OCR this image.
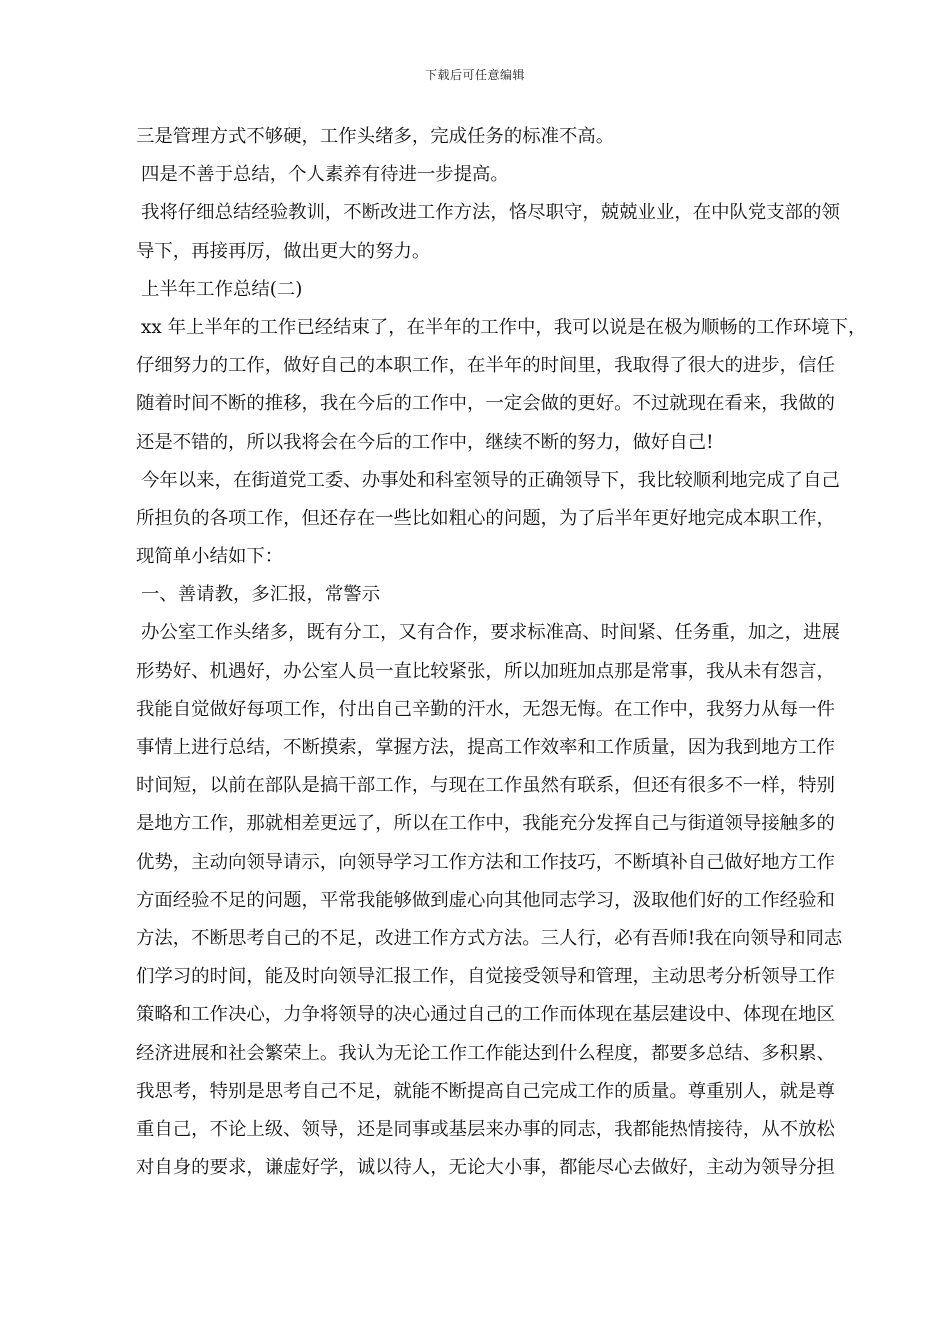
下载后可任意编辑
三是管理方式不够硬，工作头绪多，完成任务的标准不高。
四是不善于总结，个人素养有待进一步提高。
我将仔细总结经验教训，不断改进工作方法，恪尽职守，兢兢业业，在中队党支部的领
导下，再接再厉，做出更大的努力。
上半年工作总结(二)
xx 年上半年的工作已经结束了，在半年的工作中，我可以说是在极为顺畅的工作环境下，
仔细努力的工作，做好自己的本职工作，在半年的时间里，我取得了很大的进步，信任
随着时间不断的推移，我在今后的工作中，一定会做的更好。不过就现在看来，我做的
还是不错的，所以我将会在今后的工作中，继续不断的努力，做好自己!
今年以来，在街道党工委、办事处和科室领导的正确领导下，我比较顺利地完成了自己
所担负的各项工作，但还存在一些比如粗心的问题，为了后半年更好地完成本职工作，
现简单小结如下：
一、善请教，多汇报，常警示
办公室工作头绪多，既有分工，又有合作，要求标准高、时间紧、任务重，加之，进展
形势好、机遇好，办公室人员一直比较紧张，所以加班加点那是常事，我从未有怨言，
我能自觉做好每项工作，付出自己辛勤的汗水，无怨无悔。在工作中，我努力从每一件
事情上进行总结，不断摸索，掌握方法，提高工作效率和工作质量，因为我到地方工作
时间短，以前在部队是搞干部工作，与现在工作虽然有联系，但还有很多不一样，特别
是地方工作，那就相差更远了，所以在工作中，我能充分发挥自己与街道领导接触多的
优势，主动向领导请示，向领导学习工作方法和工作技巧，不断填补自己做好地方工作
方面经验不足的问题，平常我能够做到虚心向其他同志学习，汲取他们好的工作经验和
方法，不断思考自己的不足，改进工作方式方法。三人行，必有吾师!我在向领导和同志
们学习的时间，能及时向领导汇报工作，自觉接受领导和管理，主动思考分析领导工作
策略和工作决心，力争将领导的决心通过自己的工作而体现在基层建设中、体现在地区
经济进展和社会繁荣上。我认为无论工作工作能达到什么程度，都要多总结、多积累、
我思考，特别是思考自己不足，就能不断提高自己完成工作的质量。尊重别人，就是尊
重自己，不论上级、领导，还是同事或基层来办事的同志，我都能热情接待，从不放松
对自身的要求，谦虚好学，诚以待人，无论大小事，都能尽心去做好，主动为领导分担
